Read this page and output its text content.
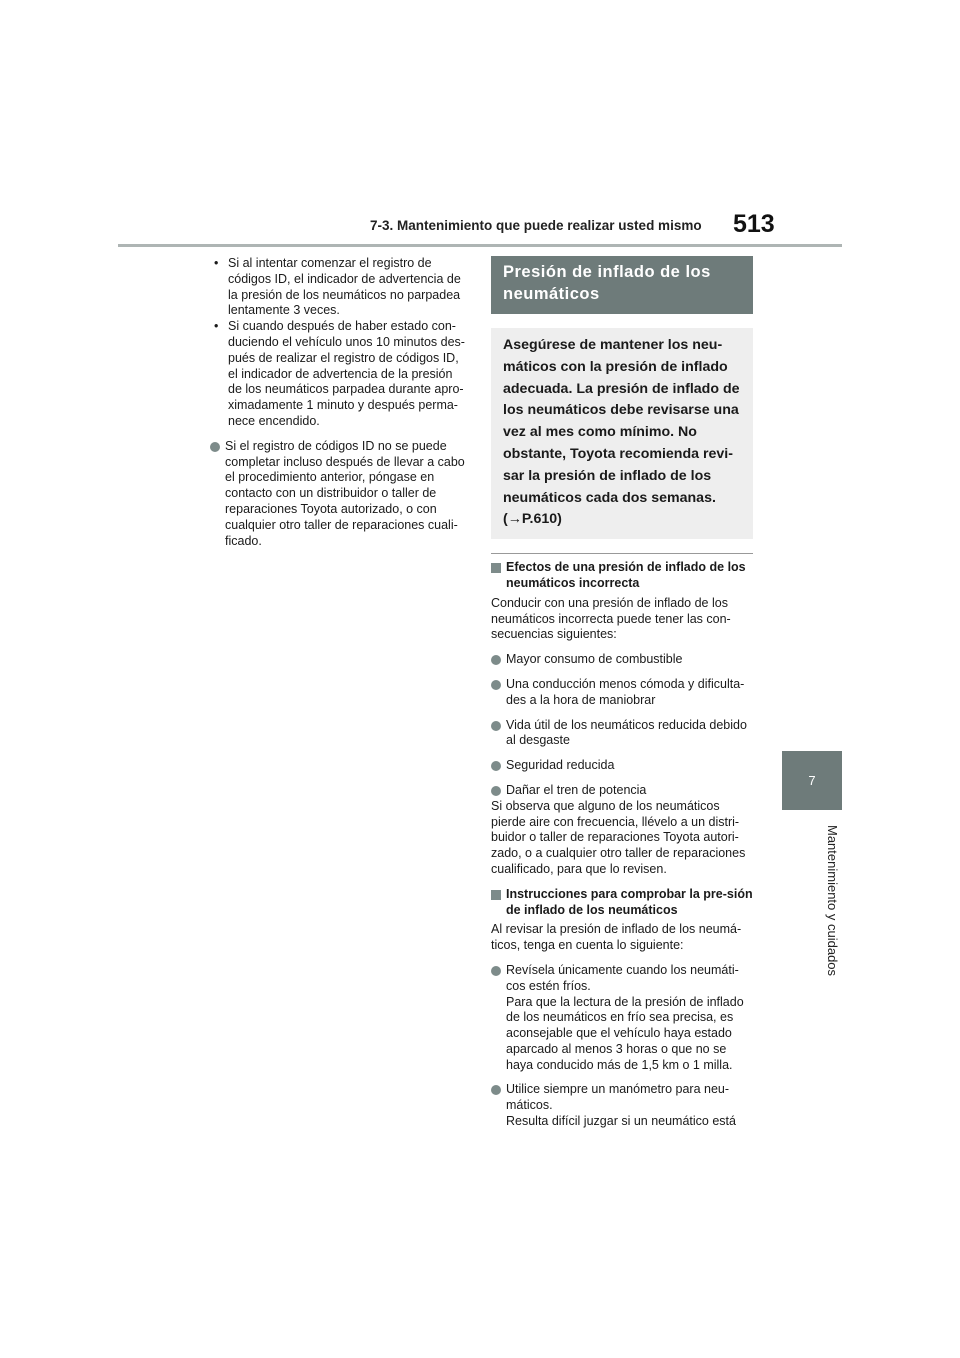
7-3. Mantenimiento que puede realizar usted mismo 513
7
Mantenimiento y cuidados
• Si al intentar comenzar el registro de códigos ID, el indicador de advertencia de la presión de los neumáticos no parpadea lentamente 3 veces.
• Si cuando después de haber estado con-duciendo el vehículo unos 10 minutos des-pués de realizar el registro de códigos ID, el indicador de advertencia de la presión de los neumáticos parpadea durante apro-ximadamente 1 minuto y después perma-nece encendido.
Si el registro de códigos ID no se puede completar incluso después de llevar a cabo el procedimiento anterior, póngase en contacto con un distribuidor o taller de reparaciones Toyota autorizado, o con cualquier otro taller de reparaciones cuali-ficado.
Presión de inflado de los neumáticos
Asegúrese de mantener los neu-máticos con la presión de inflado adecuada. La presión de inflado de los neumáticos debe revisarse una vez al mes como mínimo. No obstante, Toyota recomienda revi-sar la presión de inflado de los neumáticos cada dos semanas. (→P.610)
Efectos de una presión de inflado de los neumáticos incorrecta

Conducir con una presión de inflado de los neumáticos incorrecta puede tener las con-secuencias siguientes:

Mayor consumo de combustible
Una conducción menos cómoda y dificulta-des a la hora de maniobrar
Vida útil de los neumáticos reducida debido al desgaste
Seguridad reducida
Dañar el tren de potencia

Si observa que alguno de los neumáticos pierde aire con frecuencia, llévelo a un distri-buidor o taller de reparaciones Toyota autori-zado, o a cualquier otro taller de reparaciones cualificado, para que lo revisen.

Instrucciones para comprobar la pre-sión de inflado de los neumáticos

Al revisar la presión de inflado de los neumá-ticos, tenga en cuenta lo siguiente:

Revísela únicamente cuando los neumáti-cos estén fríos.
Para que la lectura de la presión de inflado de los neumáticos en frío sea precisa, es aconsejable que el vehículo haya estado aparcado al menos 3 horas o que no se haya conducido más de 1,5 km o 1 milla.
Utilice siempre un manómetro para neu-máticos.
Resulta difícil juzgar si un neumático está
